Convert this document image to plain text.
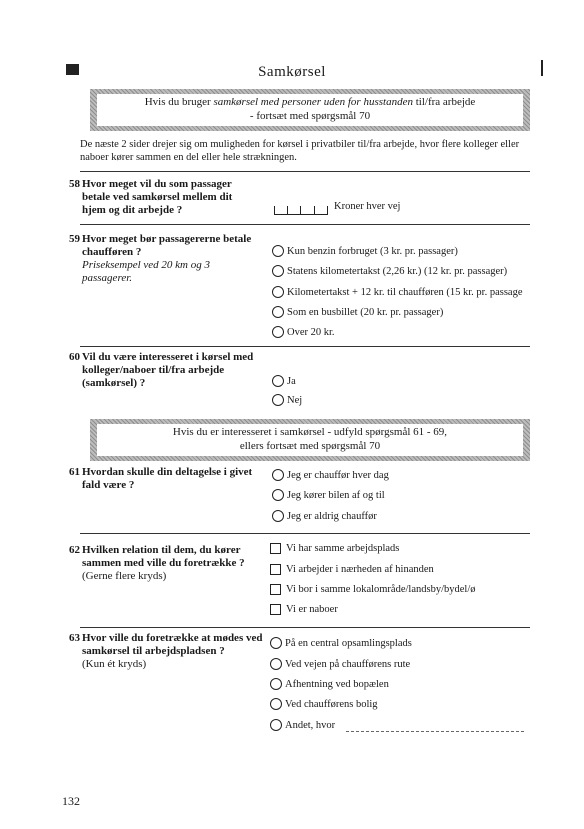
Samkørsel
Hvis du bruger samkørsel med personer uden for husstanden til/fra arbejde
- fortsæt med spørgsmål 70
De næste 2 sider drejer sig om muligheden for kørsel i privatbiler til/fra arbejde, hvor flere kolleger eller naboer kører sammen en del eller hele strækningen.
58 Hvor meget vil du som passager betale ved samkørsel mellem dit hjem og dit arbejde ?	Kroner hver vej
59 Hvor meget bør passagererne betale chaufføren ?
Priseksempel ved 20 km og 3 passagerer.
Kun benzin forbruget (3 kr. pr. passager)
Statens kilometertakst (2,26 kr.) (12 kr. pr. passager)
Kilometertakst + 12 kr. til chaufføren (15 kr. pr. passage
Som en busbillet (20 kr. pr. passager)
Over 20 kr.
60 Vil du være interesseret i kørsel med kolleger/naboer til/fra arbejde (samkørsel) ?	Ja
Nej
Hvis du er interesseret i samkørsel - udfyld spørgsmål 61 - 69,
ellers fortsæt med spørgsmål 70
61 Hvordan skulle din deltagelse i givet fald være ?
Jeg er chauffør hver dag
Jeg kører bilen af og til
Jeg er aldrig chauffør
62 Hvilken relation til dem, du kører sammen med ville du foretrække ?
(Gerne flere kryds)
Vi har samme arbejdsplads
Vi arbejder i nærheden af hinanden
Vi bor i samme lokalområde/landsby/bydel/ø
Vi er naboer
63 Hvor ville du foretrække at mødes ved samkørsel til arbejdspladsen ?
(Kun ét kryds)
På en central opsamlingsplads
Ved vejen på chaufførens rute
Afhentning ved bopælen
Ved chaufførens bolig
Andet, hvor
132
